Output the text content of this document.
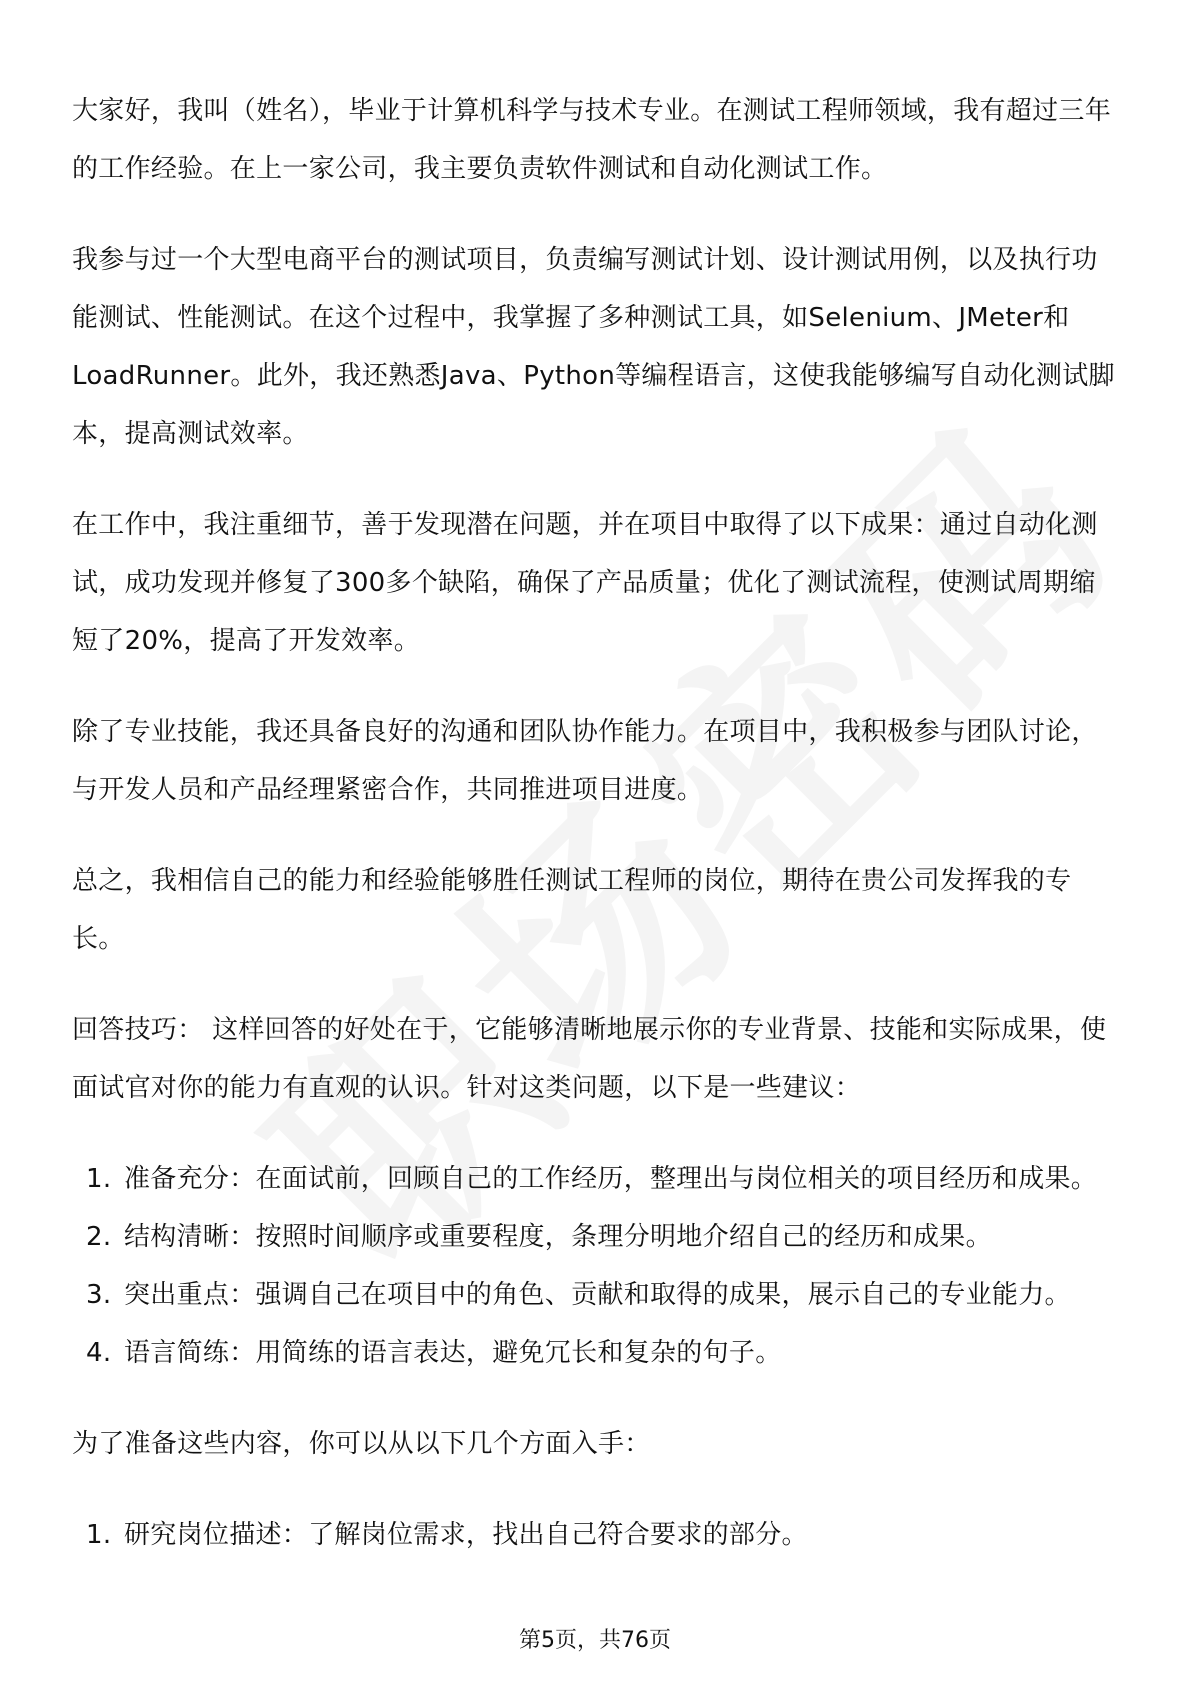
大家好，我叫（姓名），毕业于计算机科学与技术专业。在测试工程师领域，我有超过三年的工作经验。在上一家公司，我主要负责软件测试和自动化测试工作。

我参与过一个大型电商平台的测试项目，负责编写测试计划、设计测试用例，以及执行功能测试、性能测试。在这个过程中，我掌握了多种测试工具，如Selenium、JMeter和LoadRunner。此外，我还熟悉Java、Python等编程语言，这使我能够编写自动化测试脚本，提高测试效率。

在工作中，我注重细节，善于发现潜在问题，并在项目中取得了以下成果：通过自动化测试，成功发现并修复了300多个缺陷，确保了产品质量；优化了测试流程，使测试周期缩短了20%，提高了开发效率。

除了专业技能，我还具备良好的沟通和团队协作能力。在项目中，我积极参与团队讨论，与开发人员和产品经理紧密合作，共同推进项目进度。

总之，我相信自己的能力和经验能够胜任测试工程师的岗位，期待在贵公司发挥我的专长。

回答技巧： 这样回答的好处在于，它能够清晰地展示你的专业背景、技能和实际成果，使面试官对你的能力有直观的认识。针对这类问题，以下是一些建议：

1. 准备充分：在面试前，回顾自己的工作经历，整理出与岗位相关的项目经历和成果。
2. 结构清晰：按照时间顺序或重要程度，条理分明地介绍自己的经历和成果。
3. 突出重点：强调自己在项目中的角色、贡献和取得的成果，展示自己的专业能力。
4. 语言简练：用简练的语言表达，避免冗长和复杂的句子。

为了准备这些内容，你可以从以下几个方面入手：

1. 研究岗位描述：了解岗位需求，找出自己符合要求的部分。
第5页，共76页
